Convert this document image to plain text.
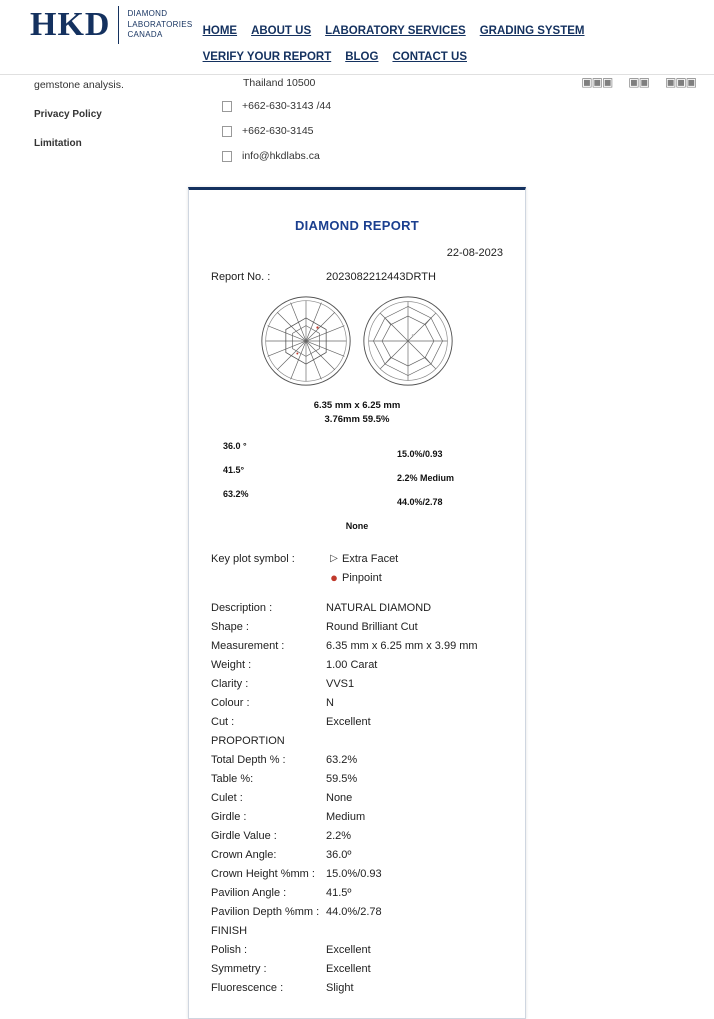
HKD DIAMOND
LABORATORIES
CANADA	HOME ABOUT US LABORATORY SERVICES GRADING SYSTEMVERIFY YOUR REPORT BLOG CONTACT US
gemstone analysis.
Privacy Policy
Limitation
Thailand 10500
+662-630-3143 /44
+662-630-3145
info@hkdlabs.ca
▣▣▣ ▣▣ ▣▣▣
DIAMOND REPORT
22-08-2023
Report No. :	2023082212443DRTH
6.35 mm x 6.25 mm
3.76mm 59.5%
36.0 °
41.5°
63.2%
15.0%/0.93
2.2% Medium
44.0%/2.78
None
Key plot symbol :	▷ Extra Facet
● Pinpoint
Description :	NATURAL DIAMOND
Shape :	Round Brilliant Cut
Measurement :	6.35 mm x 6.25 mm x 3.99 mm
Weight :	1.00 Carat
Clarity :	VVS1
Colour :	N
Cut :	Excellent
PROPORTION
Total Depth % :	63.2%
Table %:	59.5%
Culet :	None
Girdle :	Medium
Girdle Value :	2.2%
Crown Angle:	36.0º
Crown Height %mm :	15.0%/0.93
Pavilion Angle :	41.5º
Pavilion Depth %mm : 44.0%/2.78
FINISH
Polish :	Excellent
Symmetry :	Excellent
Fluorescence :	Slight
